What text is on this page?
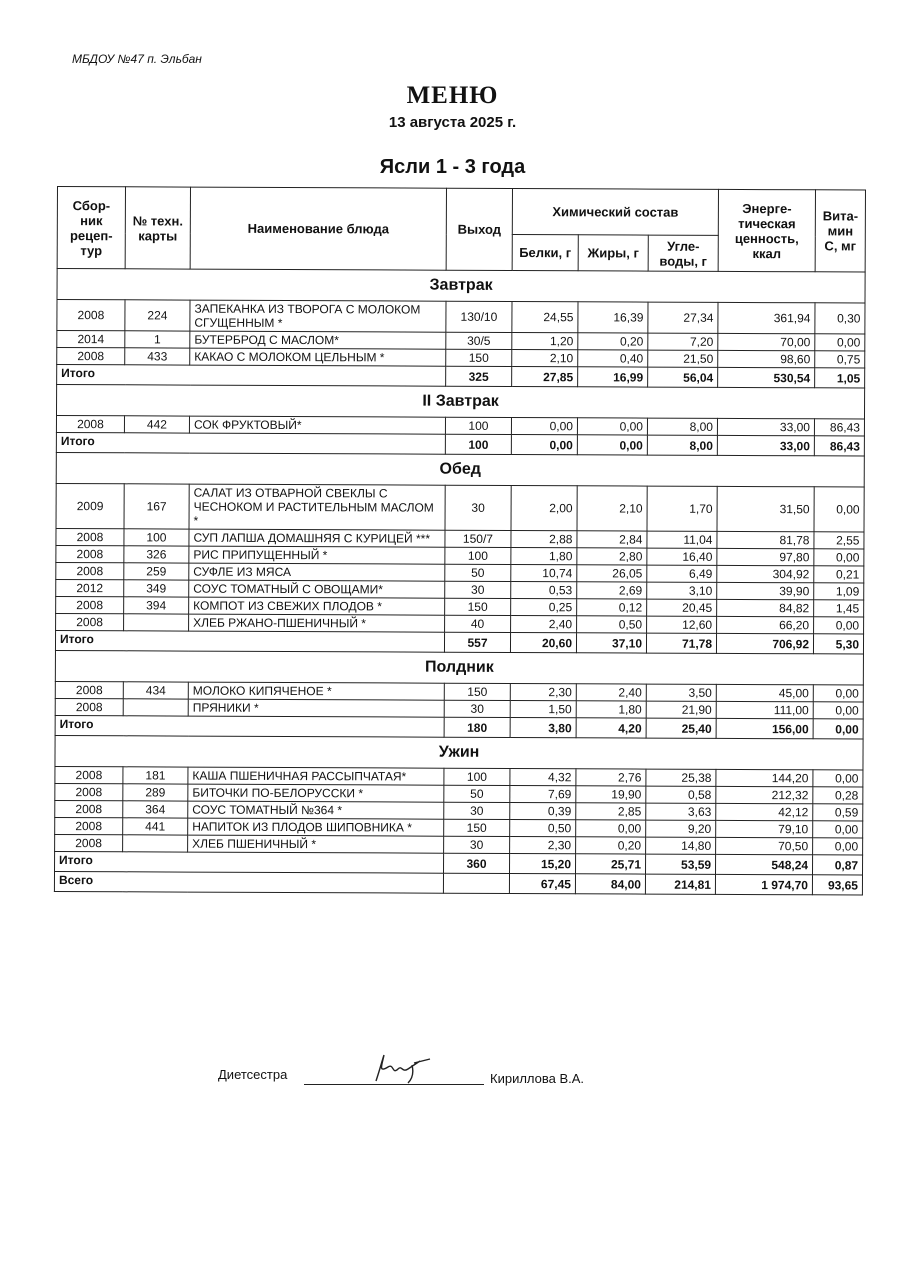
МБДОУ №47 п. Эльбан
МЕНЮ
13 августа 2025 г.
Ясли 1 - 3 года
Сбор-ник рецеп-тур	№ техн. карты	Наименование блюда	Выход	Химический состав			Энерге-тическая ценность, ккал	Вита-мин С, мг
				Белки, г	Жиры, г	Угле-воды, г		
Завтрак								
2008	224	ЗАПЕКАНКА ИЗ ТВОРОГА С МОЛОКОМ СГУЩЕННЫМ *	130/10	24,55	16,39	27,34	361,94	0,30
2014	1	БУТЕРБРОД С МАСЛОМ*	30/5	1,20	0,20	7,20	70,00	0,00
2008	433	КАКАО С МОЛОКОМ ЦЕЛЬНЫМ *	150	2,10	0,40	21,50	98,60	0,75
Итого			325	27,85	16,99	56,04	530,54	1,05
II Завтрак								
2008	442	СОК ФРУКТОВЫЙ*	100	0,00	0,00	8,00	33,00	86,43
Итого			100	0,00	0,00	8,00	33,00	86,43
Обед								
2009	167	САЛАТ ИЗ ОТВАРНОЙ СВЕКЛЫ С ЧЕСНОКОМ И РАСТИТЕЛЬНЫМ МАСЛОМ *	30	2,00	2,10	1,70	31,50	0,00
2008	100	СУП ЛАПША ДОМАШНЯЯ С КУРИЦЕЙ ***	150/7	2,88	2,84	11,04	81,78	2,55
2008	326	РИС ПРИПУЩЕННЫЙ *	100	1,80	2,80	16,40	97,80	0,00
2008	259	СУФЛЕ ИЗ МЯСА	50	10,74	26,05	6,49	304,92	0,21
2012	349	СОУС ТОМАТНЫЙ С ОВОЩАМИ*	30	0,53	2,69	3,10	39,90	1,09
2008	394	КОМПОТ ИЗ СВЕЖИХ ПЛОДОВ *	150	0,25	0,12	20,45	84,82	1,45
2008		ХЛЕБ РЖАНО-ПШЕНИЧНЫЙ *	40	2,40	0,50	12,60	66,20	0,00
Итого			557	20,60	37,10	71,78	706,92	5,30
Полдник								
2008	434	МОЛОКО КИПЯЧЕНОЕ *	150	2,30	2,40	3,50	45,00	0,00
2008		ПРЯНИКИ *	30	1,50	1,80	21,90	111,00	0,00
Итого			180	3,80	4,20	25,40	156,00	0,00
Ужин								
2008	181	КАША ПШЕНИЧНАЯ РАССЫПЧАТАЯ*	100	4,32	2,76	25,38	144,20	0,00
2008	289	БИТОЧКИ ПО-БЕЛОРУССКИ *	50	7,69	19,90	0,58	212,32	0,28
2008	364	СОУС ТОМАТНЫЙ №364 *	30	0,39	2,85	3,63	42,12	0,59
2008	441	НАПИТОК ИЗ ПЛОДОВ ШИПОВНИКА *	150	0,50	0,00	9,20	79,10	0,00
2008		ХЛЕБ ПШЕНИЧНЫЙ *	30	2,30	0,20	14,80	70,50	0,00
Итого			360	15,20	25,71	53,59	548,24	0,87
Всего				67,45	84,00	214,81	1 974,70	93,65
Диетсестра	Кириллова В.А.
